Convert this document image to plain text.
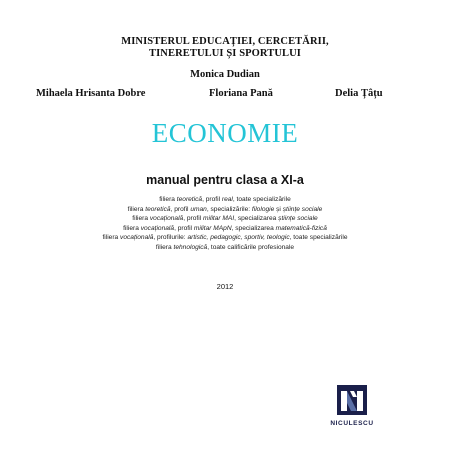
MINISTERUL EDUCAȚIEI, CERCETĂRII,
TINERETULUI ȘI SPORTULUI
Monica Dudian
Mihaela Hrisanta Dobre	Floriana Pană	Delia Țâțu
ECONOMIE
manual pentru clasa a XI-a
filiera teoretică, profil real, toate specializările
filiera teoretică, profil uman, specializările: filologie și științe sociale
filiera vocațională, profil militar MAI, specializarea științe sociale
filiera vocațională, profil militar MApN, specializarea matematică-fizică
filiera vocațională, profilurile: artistic, pedagogic, sportiv, teologic, toate specializările
filiera tehnologică, toate calificările profesionale
2012
NICULESCU
